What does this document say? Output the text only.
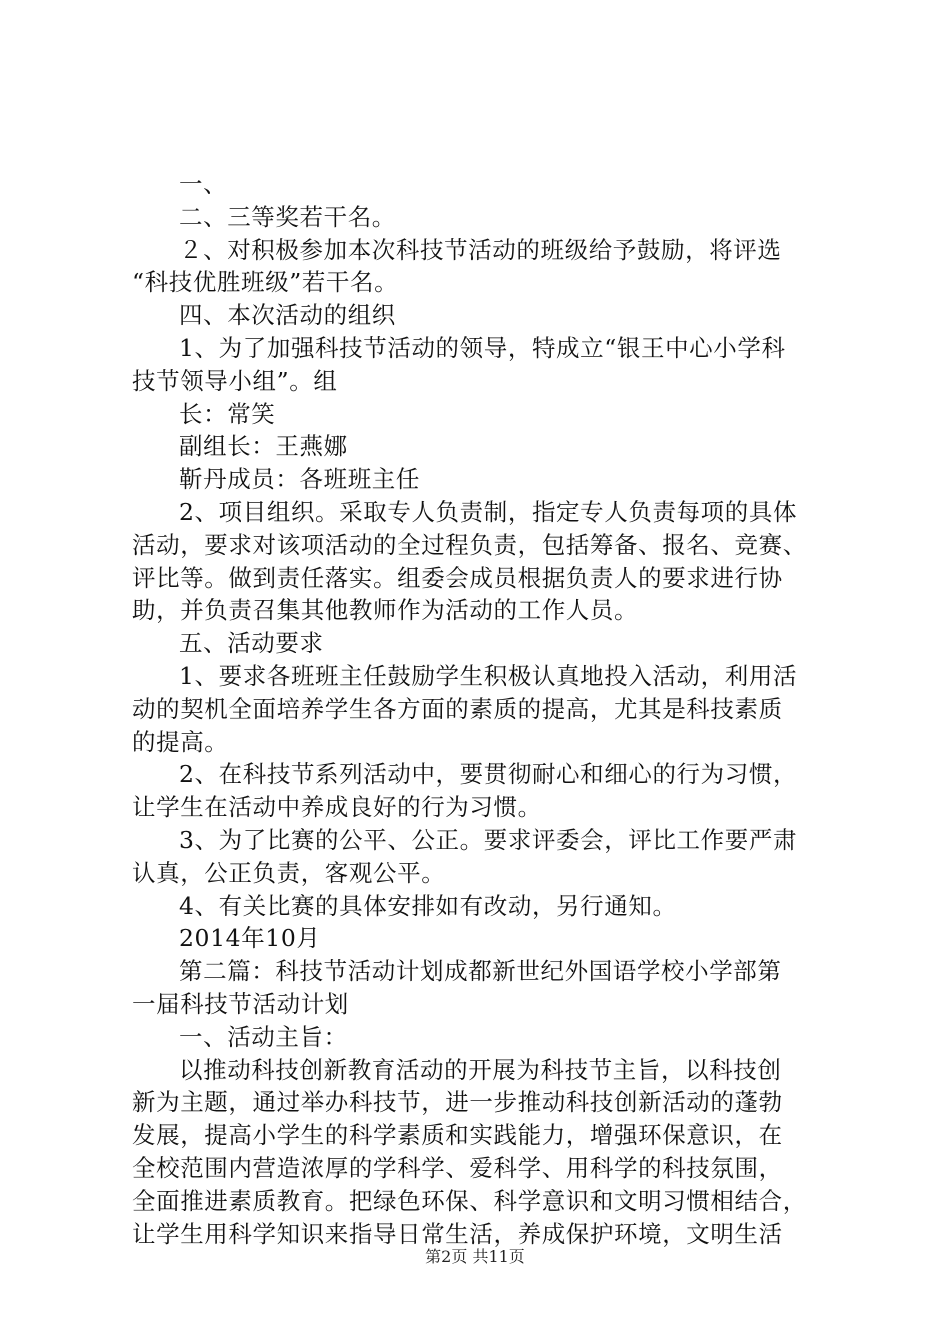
一、
二、三等奖若干名。
２、对积极参加本次科技节活动的班级给予鼓励，将评选
“科技优胜班级”若干名。
四、本次活动的组织
1、为了加强科技节活动的领导，特成立“银王中心小学科
技节领导小组”。组
长：常笑
副组长：王燕娜
靳丹成员：各班班主任
2、项目组织。采取专人负责制，指定专人负责每项的具体
活动，要求对该项活动的全过程负责，包括筹备、报名、竞赛、
评比等。做到责任落实。组委会成员根据负责人的要求进行协
助，并负责召集其他教师作为活动的工作人员。
五、活动要求
1、要求各班班主任鼓励学生积极认真地投入活动，利用活
动的契机全面培养学生各方面的素质的提高，尤其是科技素质
的提高。
2、在科技节系列活动中，要贯彻耐心和细心的行为习惯，
让学生在活动中养成良好的行为习惯。
3、为了比赛的公平、公正。要求评委会，评比工作要严肃
认真，公正负责，客观公平。
4、有关比赛的具体安排如有改动，另行通知。
2014年10月
第二篇：科技节活动计划成都新世纪外国语学校小学部第
一届科技节活动计划
一、活动主旨：
以推动科技创新教育活动的开展为科技节主旨，以科技创
新为主题，通过举办科技节，进一步推动科技创新活动的蓬勃
发展，提高小学生的科学素质和实践能力，增强环保意识，在
全校范围内营造浓厚的学科学、爱科学、用科学的科技氛围，
全面推进素质教育。把绿色环保、科学意识和文明习惯相结合，
让学生用科学知识来指导日常生活，养成保护环境，文明生活
第2页 共11页
